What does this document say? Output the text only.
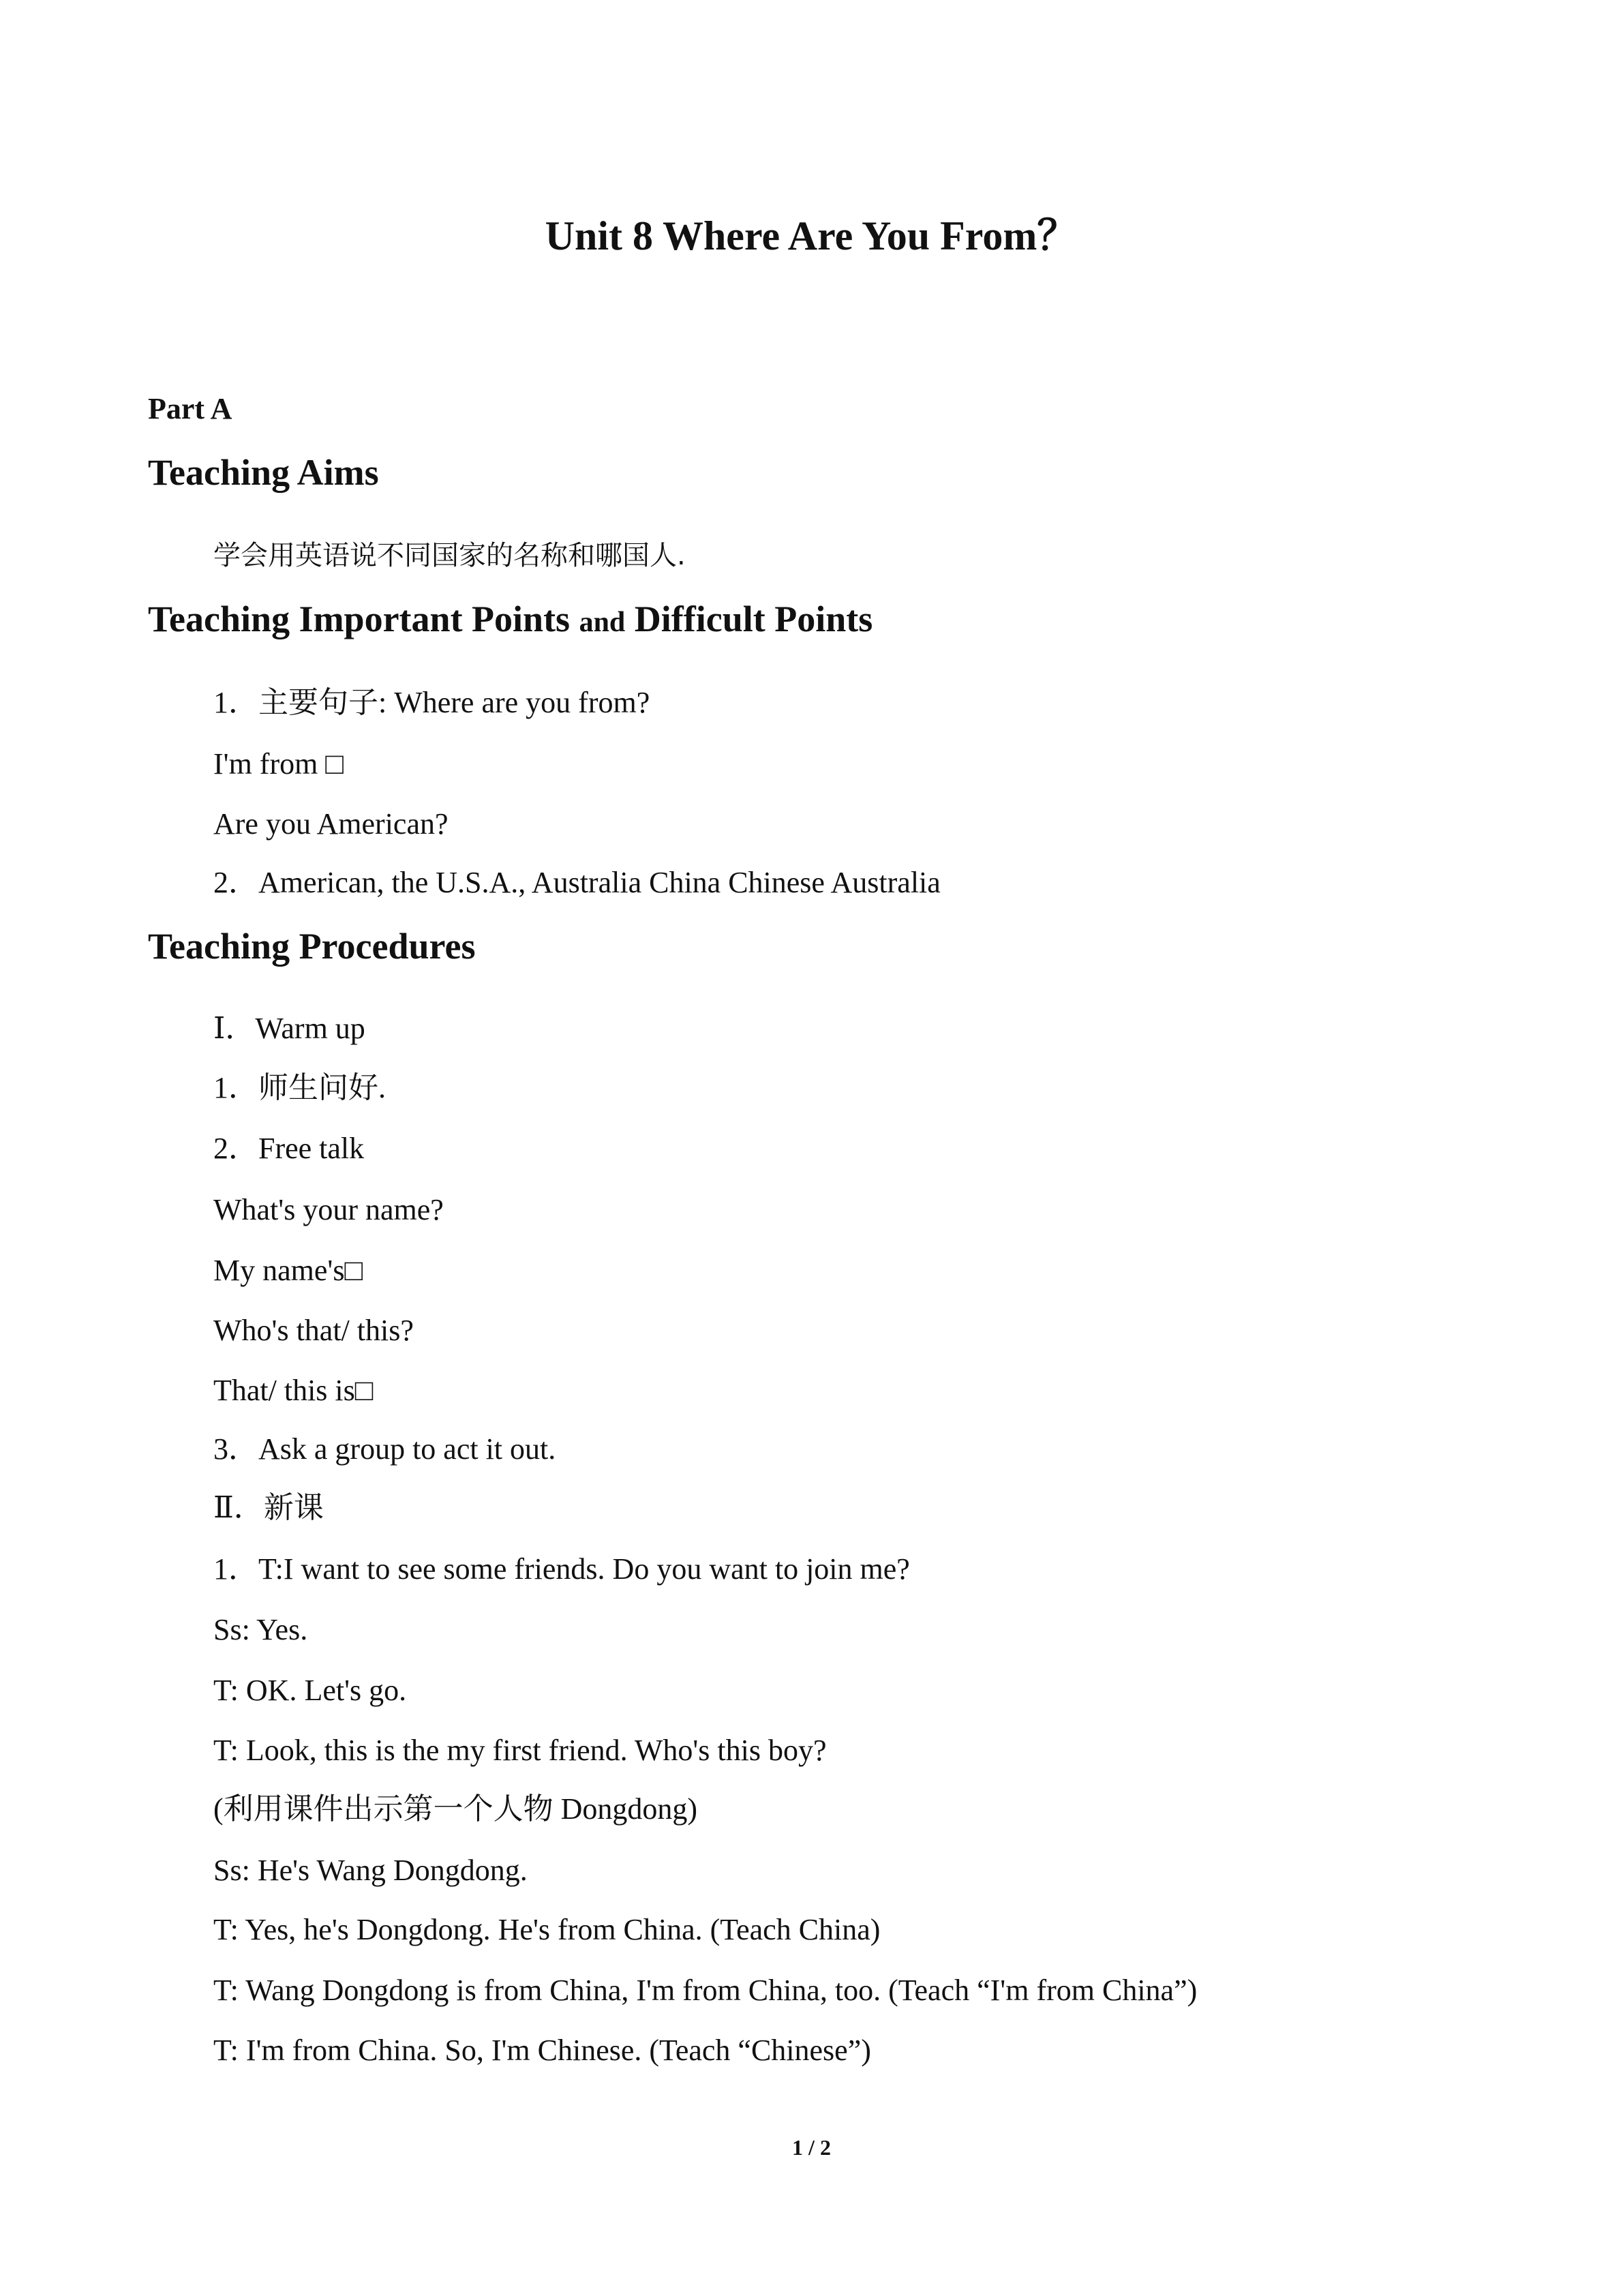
Unit 8 Where Are You From？

Part A

Teaching Aims

学会用英语说不同国家的名称和哪国人.

Teaching Important Points and Difficult Points

1．主要句子: Where are you from?

I'm from □

Are you American?

2．American, the U.S.A., Australia China Chinese Australia

Teaching Procedures

Ⅰ．Warm up

1．师生问好.

2．Free talk

What's your name?

My name's□

Who's that/ this?

That/ this is□

3．Ask a group to act it out.

Ⅱ．新课

1．T:I want to see some friends. Do you want to join me?

Ss: Yes.

T: OK. Let's go.

T: Look, this is the my first friend. Who's this boy?

(利用课件出示第一个人物 Dongdong)

Ss: He's Wang Dongdong.

T: Yes, he's Dongdong. He's from China. (Teach China)

T: Wang Dongdong is from China, I'm from China, too. (Teach “I'm from China”)

T: I'm from China. So, I'm Chinese. (Teach “Chinese”)

1 / 2
